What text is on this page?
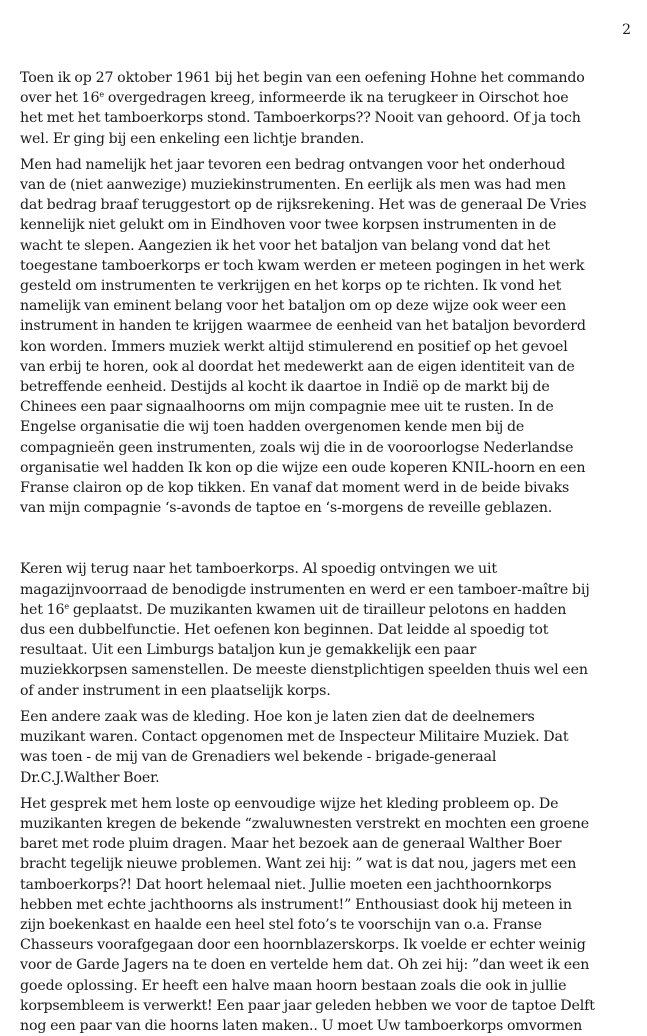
2

Toen ik op 27 oktober 1961 bij het begin van een oefening Hohne het commando
over het 16e overgedragen kreeg, informeerde ik na terugkeer in Oirschot hoe
het met het tamboerkorps stond. Tamboerkorps?? Nooit van gehoord. Of ja toch
wel. Er ging bij een enkeling een lichtje branden.

Men had namelijk het jaar tevoren een bedrag ontvangen voor het onderhoud
van de (niet aanwezige) muziekinstrumenten. En eerlijk als men was had men
dat bedrag braaf teruggestort op de rijksrekening. Het was de generaal De Vries
kennelijk niet gelukt om in Eindhoven voor twee korpsen instrumenten in de
wacht te slepen. Aangezien ik het voor het bataljon van belang vond dat het
toegestane tamboerkorps er toch kwam werden er meteen pogingen in het werk
gesteld om instrumenten te verkrijgen en het korps op te richten. Ik vond het
namelijk van eminent belang voor het bataljon om op deze wijze ook weer een
instrument in handen te krijgen waarmee de eenheid van het bataljon bevorderd
kon worden. Immers muziek werkt altijd stimulerend en positief op het gevoel
van erbij te horen, ook al doordat het medewerkt aan de eigen identiteit van de
betreffende eenheid. Destijds al kocht ik daartoe in Indië op de markt bij de
Chinees een paar signaalhoorns om mijn compagnie mee uit te rusten. In de
Engelse organisatie die wij toen hadden overgenomen kende men bij de
compagnieën geen instrumenten, zoals wij die in de vooroorlogse Nederlandse
organisatie wel hadden Ik kon op die wijze een oude koperen KNIL-hoorn en een
Franse clairon op de kop tikken. En vanaf dat moment werd in de beide bivaks
van mijn compagnie ‘s-avonds de taptoe en ‘s-morgens de reveille geblazen.

Keren wij terug naar het tamboerkorps. Al spoedig ontvingen we uit
magazijnvoorraad de benodigde instrumenten en werd er een tamboer-maître bij
het 16e geplaatst. De muzikanten kwamen uit de tirailleur pelotons en hadden
dus een dubbelfunctie. Het oefenen kon beginnen. Dat leidde al spoedig tot
resultaat. Uit een Limburgs bataljon kun je gemakkelijk een paar
muziekkorpsen samenstellen. De meeste dienstplichtigen speelden thuis wel een
of ander instrument in een plaatselijk korps.

Een andere zaak was de kleding. Hoe kon je laten zien dat de deelnemers
muzikant waren. Contact opgenomen met de Inspecteur Militaire Muziek. Dat
was toen - de mij van de Grenadiers wel bekende - brigade-generaal
Dr.C.J.Walther Boer.

Het gesprek met hem loste op eenvoudige wijze het kleding probleem op. De
muzikanten kregen de bekende “zwaluwnesten verstrekt en mochten een groene
baret met rode pluim dragen. Maar het bezoek aan de generaal Walther Boer
bracht tegelijk nieuwe problemen. Want zei hij: ” wat is dat nou, jagers met een
tamboerkorps?! Dat hoort helemaal niet. Jullie moeten een jachthoornkorps
hebben met echte jachthoorns als instrument!” Enthousiast dook hij meteen in
zijn boekenkast en haalde een heel stel foto’s te voorschijn van o.a. Franse
Chasseurs voorafgegaan door een hoornblazerskorps. Ik voelde er echter weinig
voor de Garde Jagers na te doen en vertelde hem dat. Oh zei hij: ”dan weet ik een
goede oplossing. Er heeft een halve maan hoorn bestaan zoals die ook in jullie
korpsembleem is verwerkt! Een paar jaar geleden hebben we voor de taptoe Delft
nog een paar van die hoorns laten maken.. U moet Uw tamboerkorps omvormen
